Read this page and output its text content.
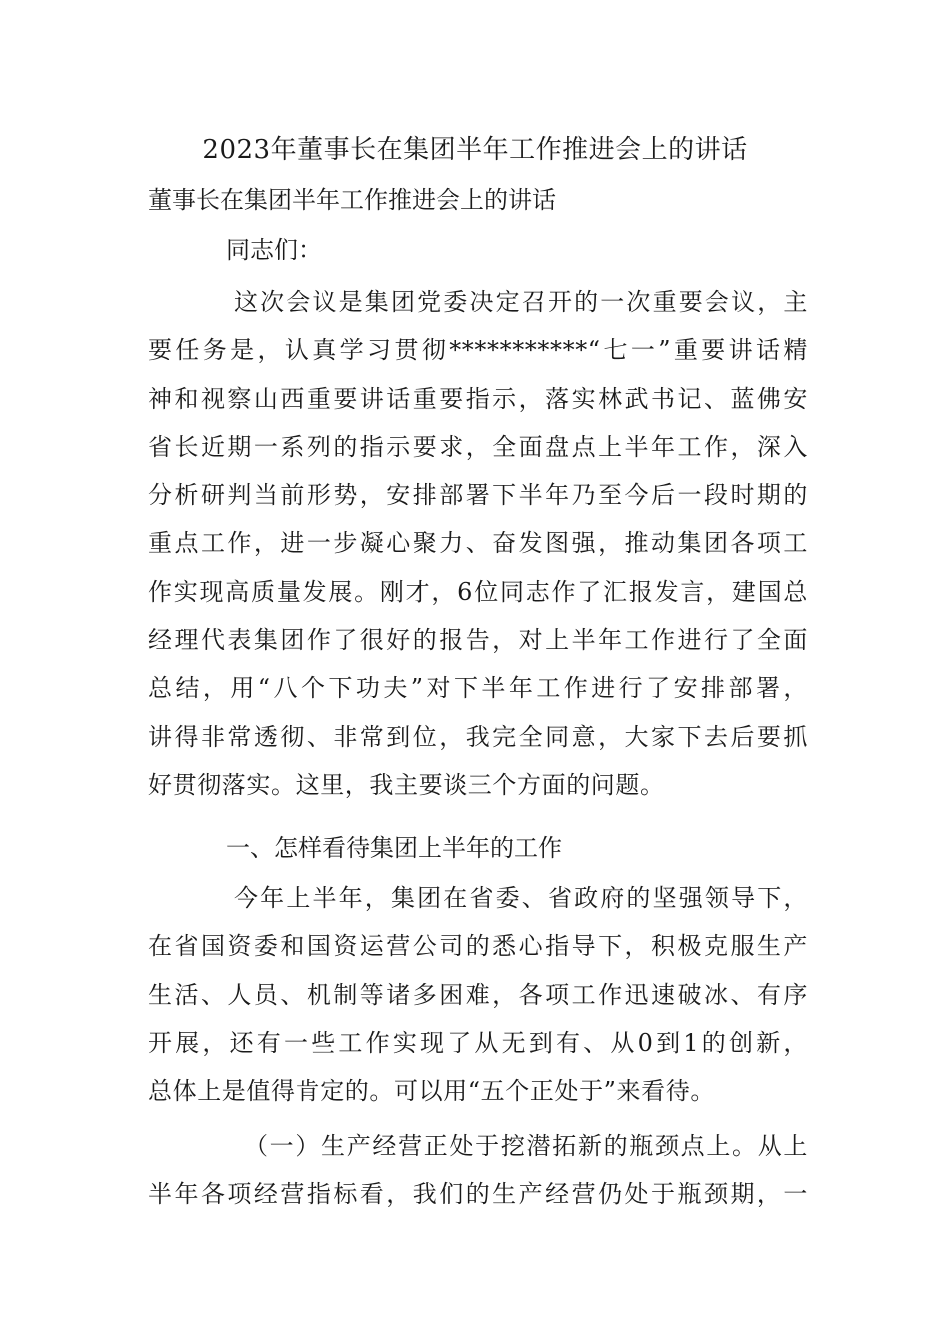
2023年董事长在集团半年工作推进会上的讲话
董事长在集团半年工作推进会上的讲话
同志们：
这次会议是集团党委决定召开的一次重要会议，主
要任务是，认真学习贯彻***********“七一”重要讲话精
神和视察山西重要讲话重要指示，落实林武书记、蓝佛安
省长近期一系列的指示要求，全面盘点上半年工作，深入
分析研判当前形势，安排部署下半年乃至今后一段时期的
重点工作，进一步凝心聚力、奋发图强，推动集团各项工
作实现高质量发展。刚才，6位同志作了汇报发言，建国总
经理代表集团作了很好的报告，对上半年工作进行了全面
总结，用“八个下功夫”对下半年工作进行了安排部署，
讲得非常透彻、非常到位，我完全同意，大家下去后要抓
好贯彻落实。这里，我主要谈三个方面的问题。
一、怎样看待集团上半年的工作
今年上半年，集团在省委、省政府的坚强领导下，
在省国资委和国资运营公司的悉心指导下，积极克服生产
生活、人员、机制等诸多困难，各项工作迅速破冰、有序
开展，还有一些工作实现了从无到有、从0到1的创新，
总体上是值得肯定的。可以用“五个正处于”来看待。
（一）生产经营正处于挖潜拓新的瓶颈点上。从上
半年各项经营指标看，我们的生产经营仍处于瓶颈期，一
